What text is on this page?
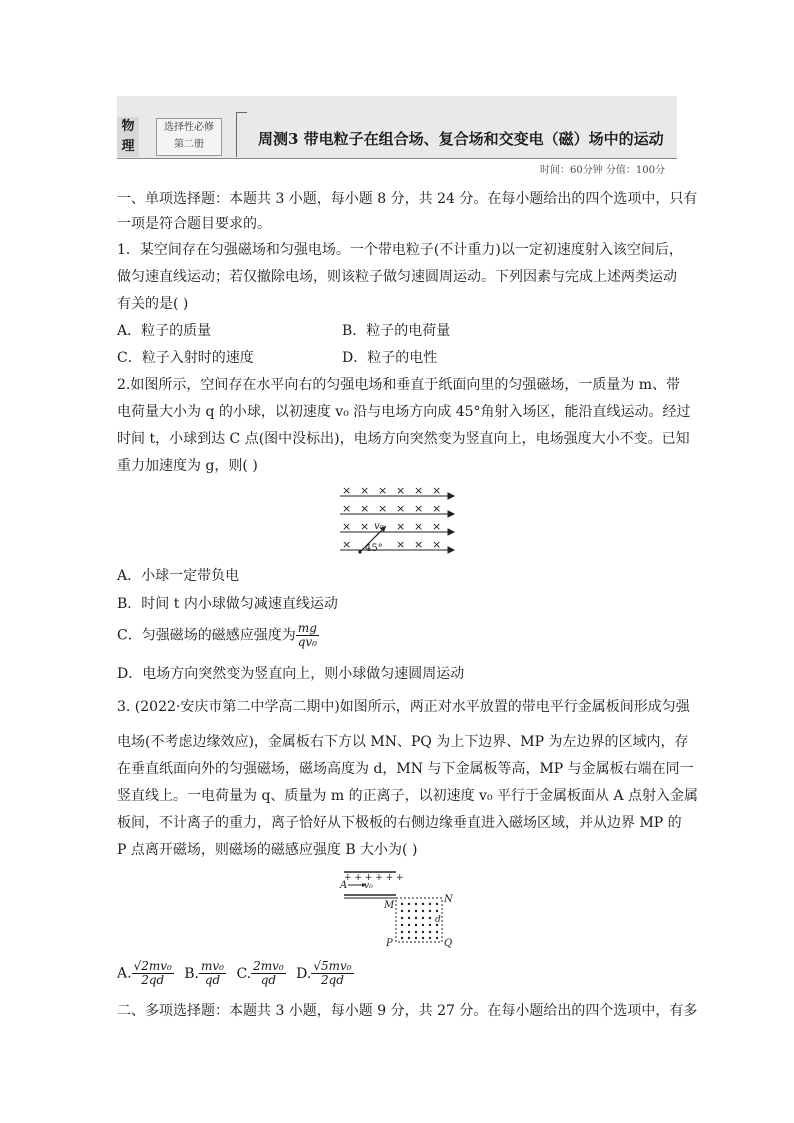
物理
选择性必修
第二册	周测3 带电粒子在组合场、复合场和交变电（磁）场中的运动
时间：60分钟 分值：100分
一、单项选择题：本题共 3 小题，每小题 8 分，共 24 分。在每小题给出的四个选项中，只有
一项是符合题目要求的。
1．某空间存在匀强磁场和匀强电场。一个带电粒子(不计重力)以一定初速度射入该空间后，
做匀速直线运动；若仅撤除电场，则该粒子做匀速圆周运动。下列因素与完成上述两类运动
有关的是( )
A．粒子的质量	B．粒子的电荷量
C．粒子入射时的速度	D．粒子的电性
2.如图所示，空间存在水平向右的匀强电场和垂直于纸面向里的匀强磁场，一质量为 m、带
电荷量大小为 q 的小球，以初速度 v₀ 沿与电场方向成 45°角射入场区，能沿直线运动。经过
时间 t，小球到达 C 点(图中没标出)，电场方向突然变为竖直向上，电场强度大小不变。已知
重力加速度为 g，则( )
× × × × × ×
× × × × × ×
× × × × ×
×	× × ×
v₀
45°
A．小球一定带负电
B．时间 t 内小球做匀减速直线运动
C．匀强磁场的磁感应强度为 $\frac{mg}{\text{qv₀}}$
D．电场方向突然变为竖直向上，则小球做匀速圆周运动
3. (2022·安庆市第二中学高二期中)如图所示，两正对水平放置的带电平行金属板间形成匀强
电场(不考虑边缘效应)，金属板右下方以 MN、PQ 为上下边界、MP 为左边界的区域内，存
在垂直纸面向外的匀强磁场，磁场高度为 d，MN 与下金属板等高，MP 与金属板右端在同一
竖直线上。一电荷量为 q、质量为 m 的正离子，以初速度 v₀ 平行于金属板面从 A 点射入金属
板间，不计离子的重力，离子恰好从下极板的右侧边缘垂直进入磁场区域，并从边界 MP 的
P 点离开磁场，则磁场的磁感应强度 B 大小为( )
+ + + + + +
A v₀
M
N
P	Q
d
A. $\frac{\text{√2mv₀}}{2qd} B$. $\frac{\text{mv₀}}{qd} C$. $\frac{\text{2mv₀}}{qd} D$. $\frac{\text{√5mv₀}}{2qd}$
二、多项选择题：本题共 3 小题，每小题 9 分，共 27 分。在每小题给出的四个选项中，有多
